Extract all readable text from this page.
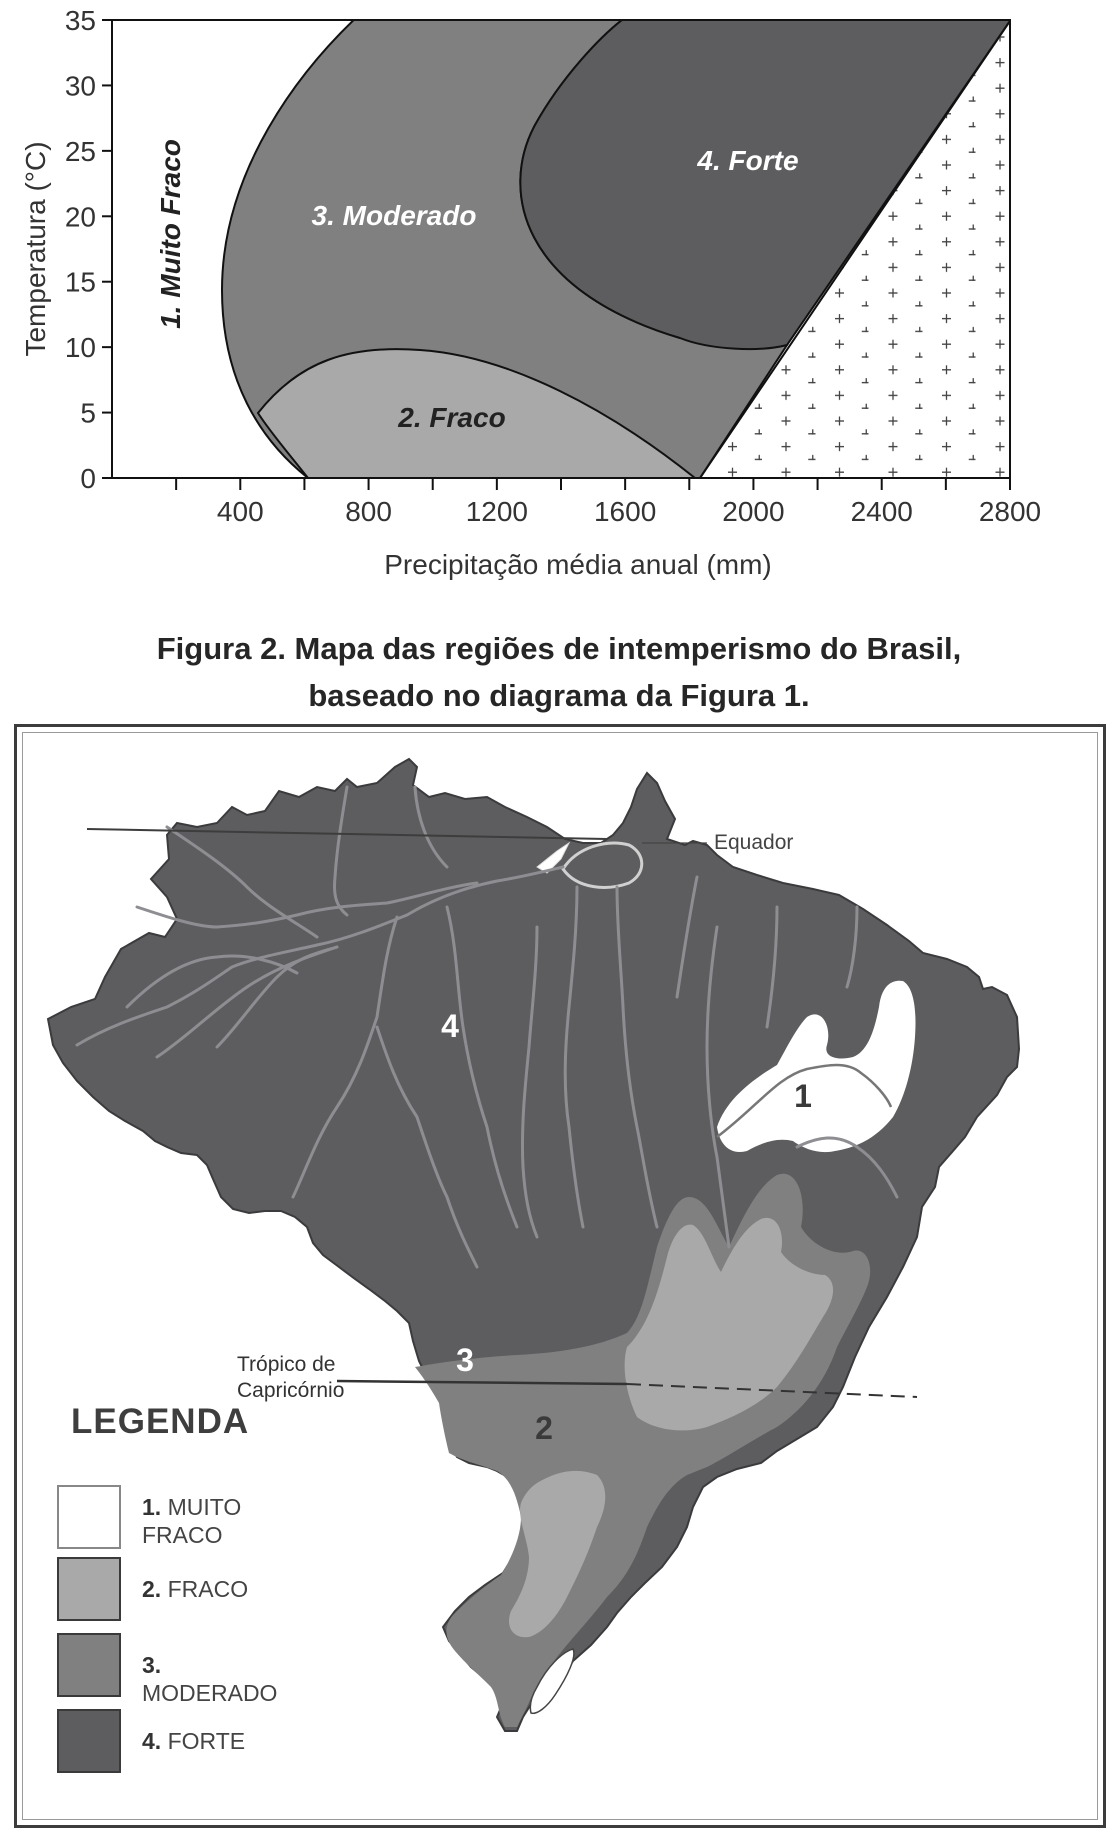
400	800	1200 1600 2000 2400 2800
0
5
10
15
20
25
30
35
Precipitação média anual (mm)
Temperatura (°C)	1. Muito Fraco	3. Moderado
4. Forte
2. Fraco
Figura 2. Mapa das regiões de intemperismo do Brasil,
baseado no diagrama da Figura 1.
Equador
Trópico de
Capricórnio
4
1
3
2
LEGENDA
1. MUITO FRACO
2. FRACO
3. MODERADO
4. FORTE
